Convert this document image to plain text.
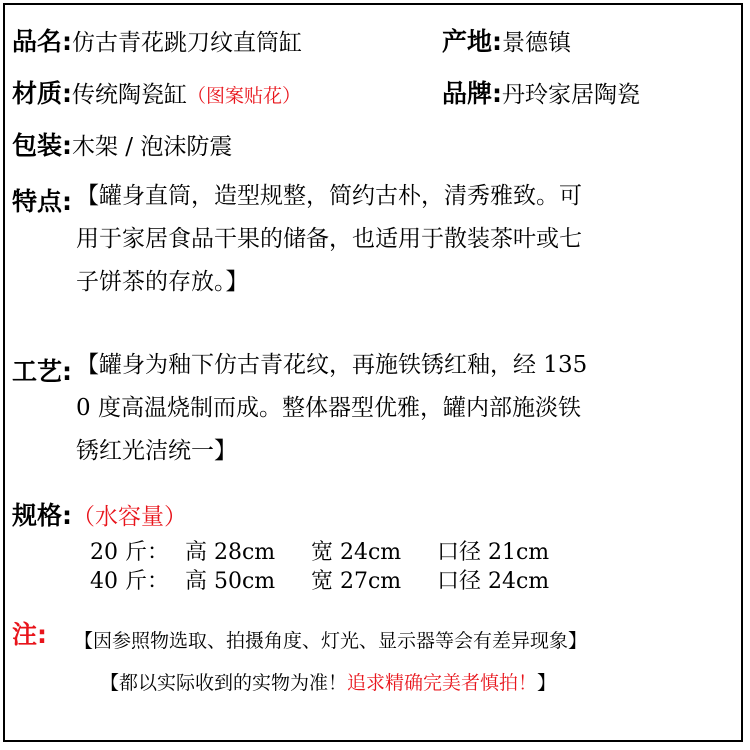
品名:仿古青花跳刀纹直筒缸	产地:景德镇
材质:传统陶瓷缸（图案贴花）	品牌:丹玲家居陶瓷
包装:木架 / 泡沫防震
特点: 【罐身直筒，造型规整，简约古朴，清秀雅致。可
用于家居食品干果的储备，也适用于散装茶叶或七
子饼茶的存放。】
工艺: 【罐身为釉下仿古青花纹，再施铁锈红釉，经 135
0 度高温烧制而成。整体器型优雅，罐内部施淡铁
锈红光洁统一】
规格:（水容量）
20 斤： 高 28cm 宽 24cm 口径 21cm
40 斤： 高 50cm 宽 27cm 口径 24cm
注: 【因参照物选取、拍摄角度、灯光、显示器等会有差异现象】
【都以实际收到的实物为准！追求精确完美者慎拍！】
